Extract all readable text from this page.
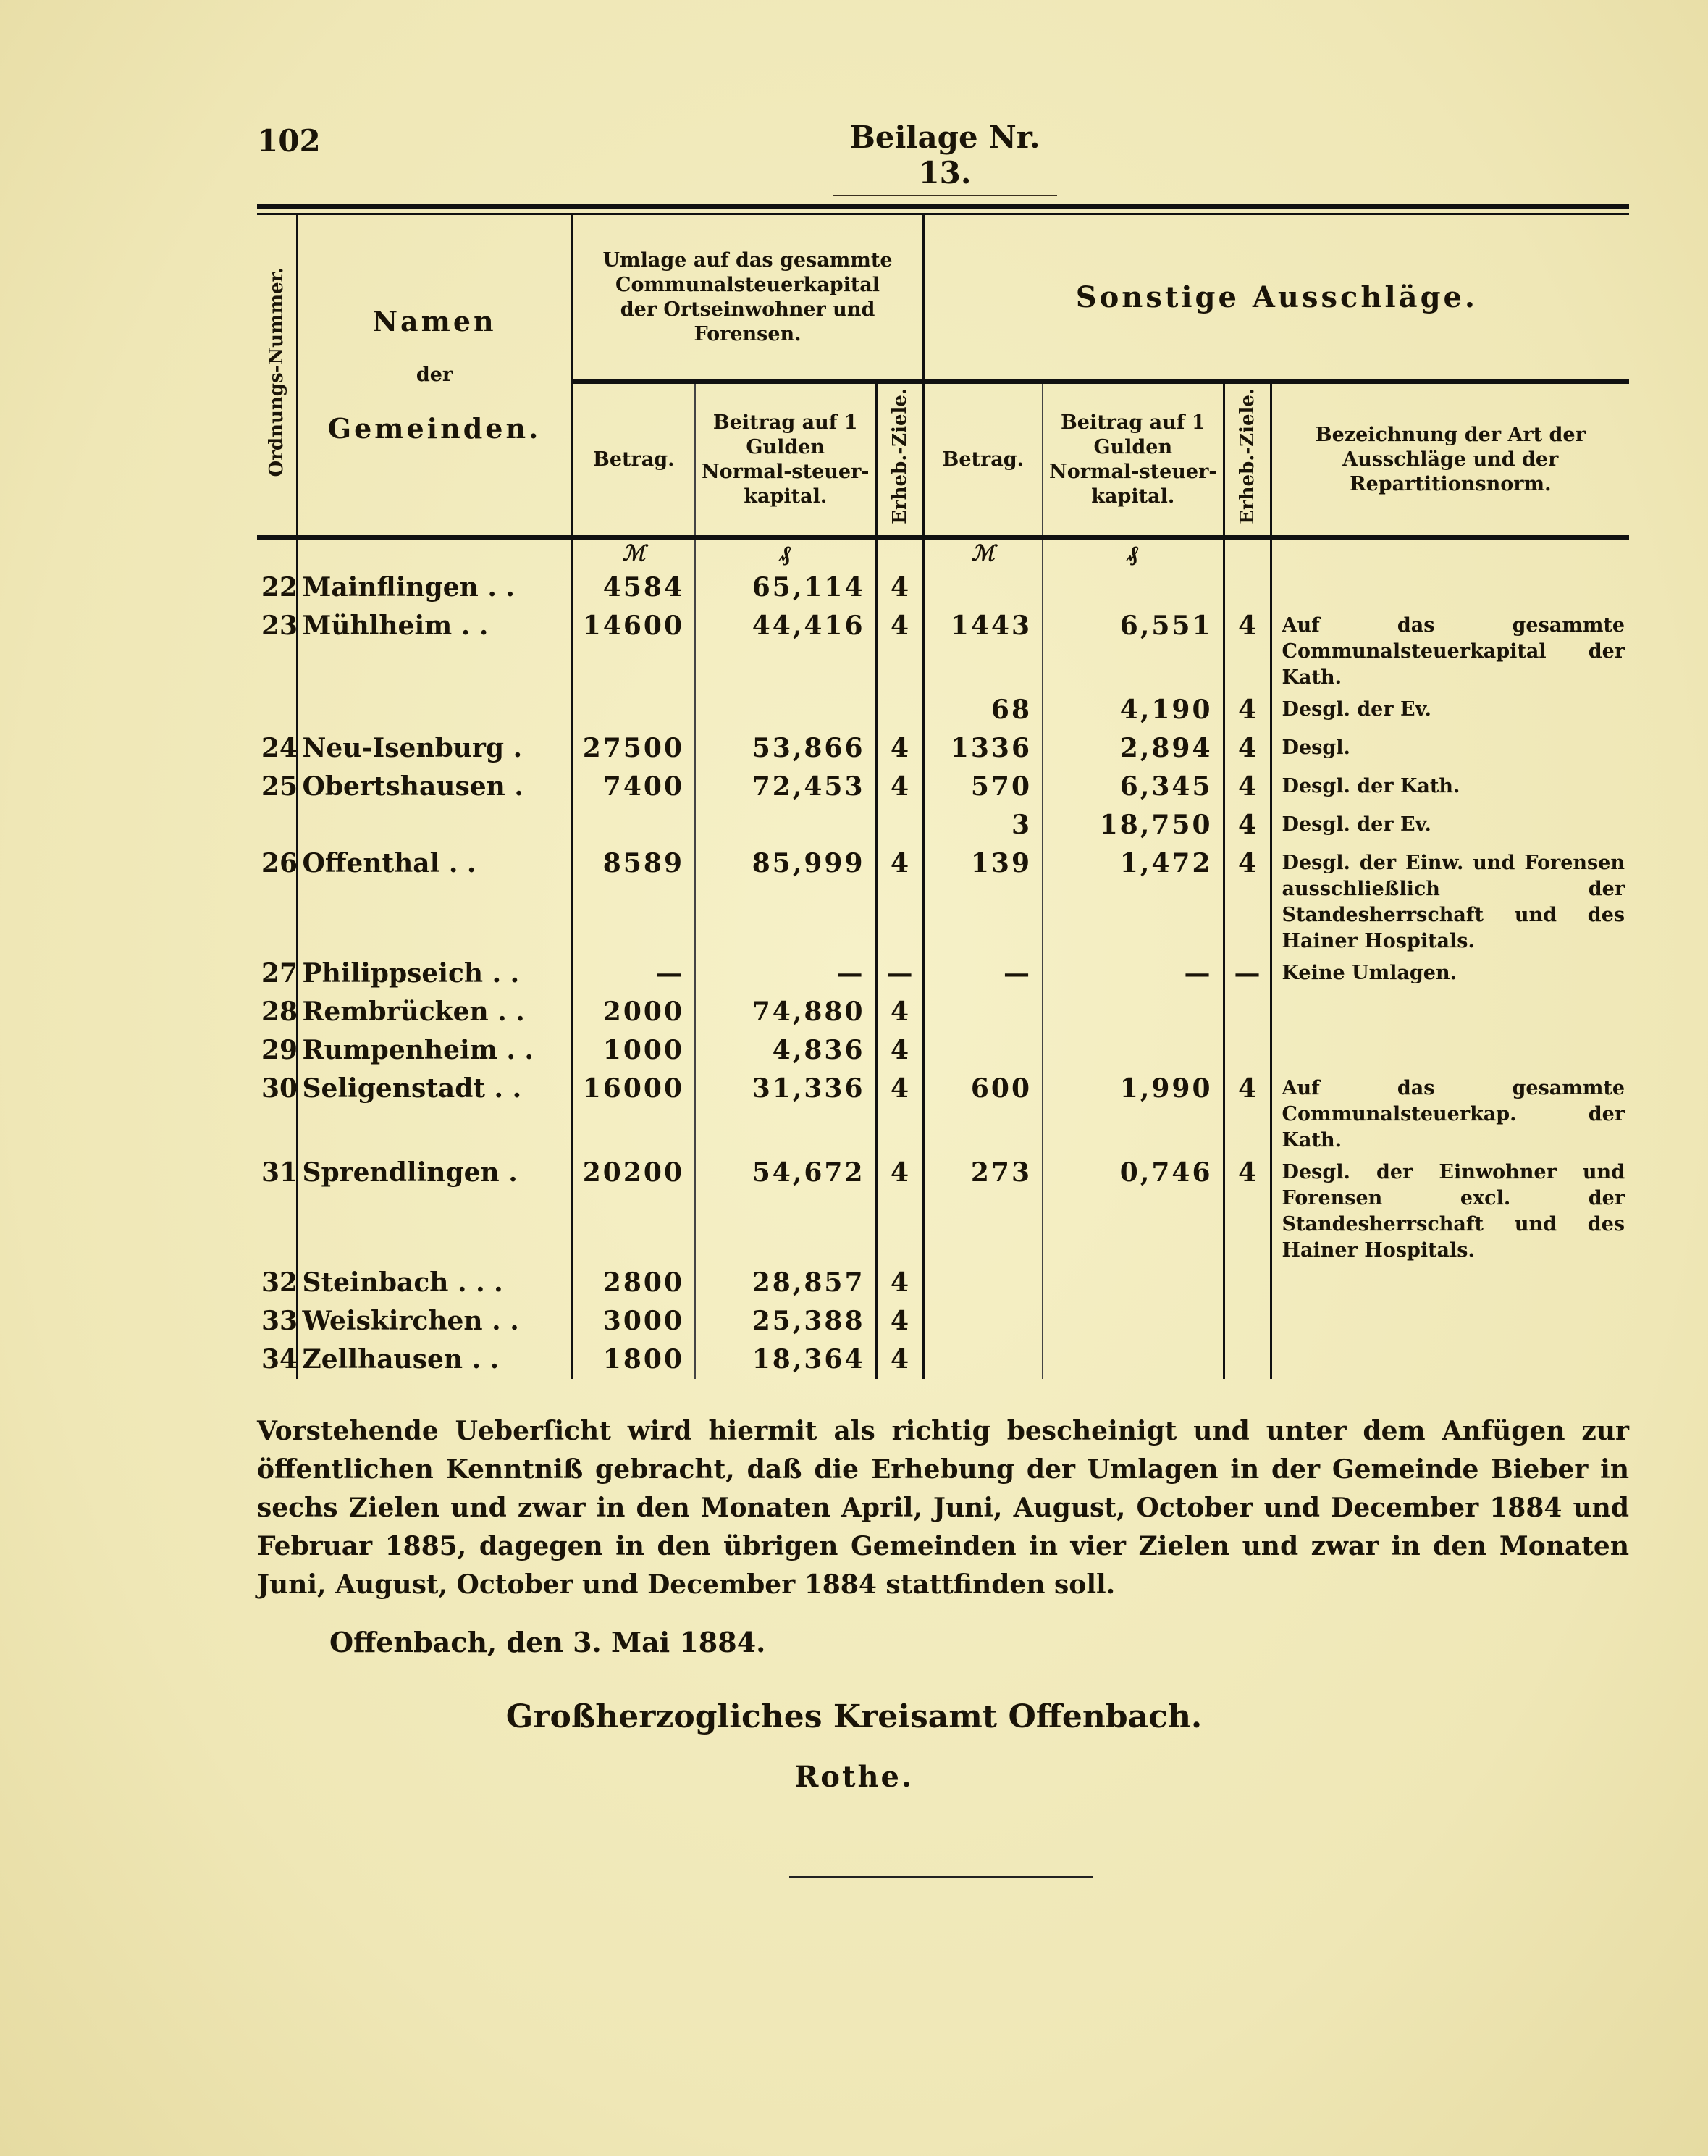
102	Beilage Nr. 13.
Ordnungs-Nummer.	Namen
der
Gemeinden.	Umlage auf das gesammte Communalsteuerkapital der Ortseinwohner und Forensen.			Sonstige Ausschläge.			
		Betrag.	Beitrag auf 1 Gulden Normal-steuer-kapital.	Erheb.-Ziele.	Betrag.	Beitrag auf 1 Gulden Normal-steuer-kapital.	Erheb.-Ziele.	Bezeichnung der Art der Ausschläge und der Repartitionsnorm.
		ℳ	₰		ℳ	₰		
22	Mainflingen . .	4584	65,114	4				
23	Mühlheim . .	14600	44,416	4	1443	6,551	4	Auf das gesammte Communalsteuerkapital der Kath.
					68	4,190	4	Desgl. der Ev.
24	Neu-Isenburg .	27500	53,866	4	1336	2,894	4	Desgl.
25	Obertshausen .	7400	72,453	4	570	6,345	4	Desgl. der Kath.
					3	18,750	4	Desgl. der Ev.
26	Offenthal . .	8589	85,999	4	139	1,472	4	Desgl. der Einw. und Forensen ausschließlich der Standesherrschaft und des Hainer Hospitals.
27	Philippseich . .	—	—	—	—	—	—	Keine Umlagen.
28	Rembrücken . .	2000	74,880	4				
29	Rumpenheim . .	1000	4,836	4				
30	Seligenstadt . .	16000	31,336	4	600	1,990	4	Auf das gesammte Communalsteuerkap. der Kath.
31	Sprendlingen .	20200	54,672	4	273	0,746	4	Desgl. der Einwohner und Forensen excl. der Standesherrschaft und des Hainer Hospitals.
32	Steinbach . . .	2800	28,857	4				
33	Weiskirchen . .	3000	25,388	4				
34	Zellhausen . .	1800	18,364	4				
Vorstehende Ueberſicht wird hiermit als richtig bescheinigt und unter dem Anfügen zur öffentlichen Kenntniß gebracht, daß die Erhebung der Umlagen in der Gemeinde Bieber in sechs Zielen und zwar in den Monaten April, Juni, August, October und December 1884 und Februar 1885, dagegen in den übrigen Gemeinden in vier Zielen und zwar in den Monaten Juni, August, October und December 1884 stattfinden soll.
Offenbach, den 3. Mai 1884.
Großherzogliches Kreisamt Offenbach.
Rothe.
